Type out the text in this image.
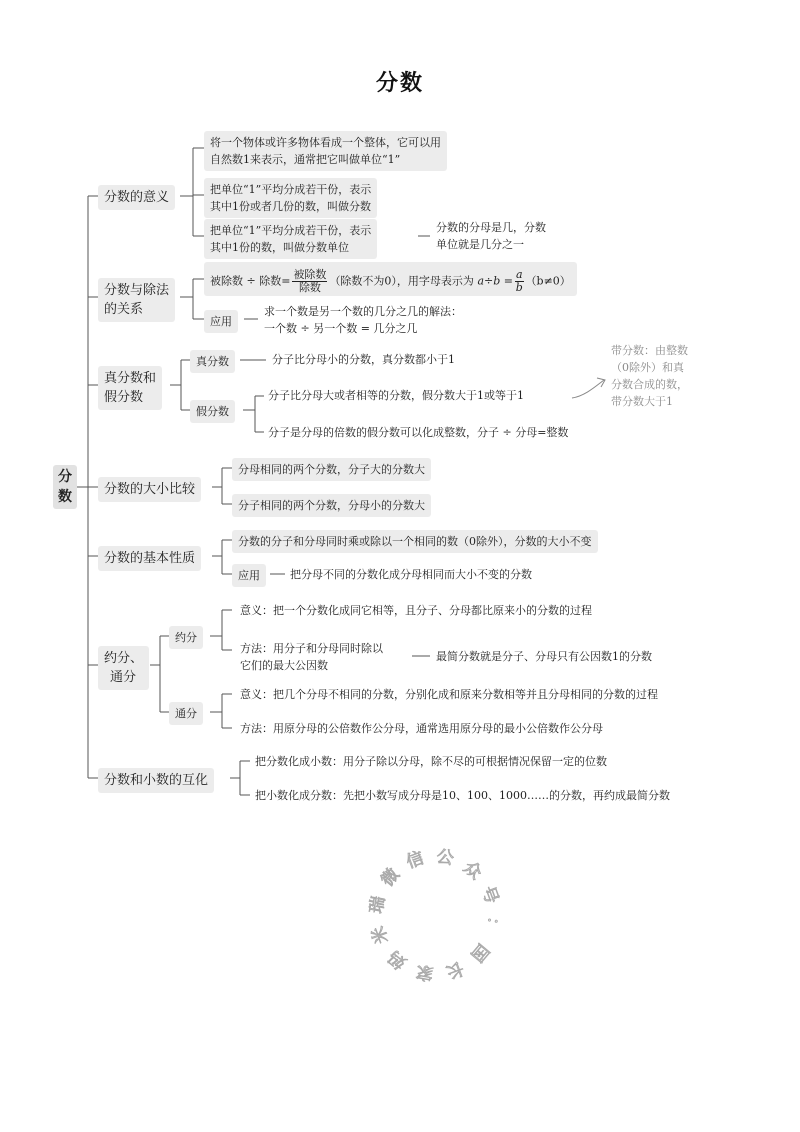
分数
分数
分数的意义
将一个物体或许多物体看成一个整体，它可以用
自然数1来表示，通常把它叫做单位“1”
把单位“1”平均分成若干份，表示
其中1份或者几份的数，叫做分数
把单位“1”平均分成若干份，表示
其中1份的数，叫做分数单位
分数的分母是几，分数
单位就是几分之一
分数与除法
的关系
被除数 ÷ 除数= $\frac{\text{被除数}}{\text{除数}}$ （除数不为0），用字母表示为 $a\div b = \frac{a}{b} (b\ne 0)$
应用
求一个数是另一个数的几分之几的解法：
一个数 ÷ 另一个数 = 几分之几
真分数和
假分数
真分数	分子比分母小的分数，真分数都小于1
假分数
分子比分母大或者相等的分数，假分数大于1或等于1
分子是分母的倍数的假分数可以化成整数，分子 ÷ 分母=整数
带分数：由整数
（0除外）和真
分数合成的数，
带分数大于1
分数的大小比较
分母相同的两个分数，分子大的分数大
分子相同的两个分数，分母小的分数大
分数的基本性质
分数的分子和分母同时乘或除以一个相同的数（0除外），分数的大小不变
应用	把分母不同的分数化成分母相同而大小不变的分数
约分、
通分
约分
意义：把一个分数化成同它相等，且分子、分母都比原来小的分数的过程
方法：用分子和分母同时除以
它们的最大公因数
最简分数就是分子、分母只有公因数1的分数
通分
意义：把几个分母不相同的分数，分别化成和原来分数相等并且分母相同的分数的过程
方法：用原分母的公倍数作公分母，通常选用原分母的最小公倍数作公分母
分数和小数的互化
把分数化成小数：用分子除以分母，除不尽的可根据情况保留一定的位数
把小数化成分数：先把小数写成分母是10、100、1000……的分数，再约成最简分数
微
信 公 众
号
：
国
长
家
妈
米
瑞
